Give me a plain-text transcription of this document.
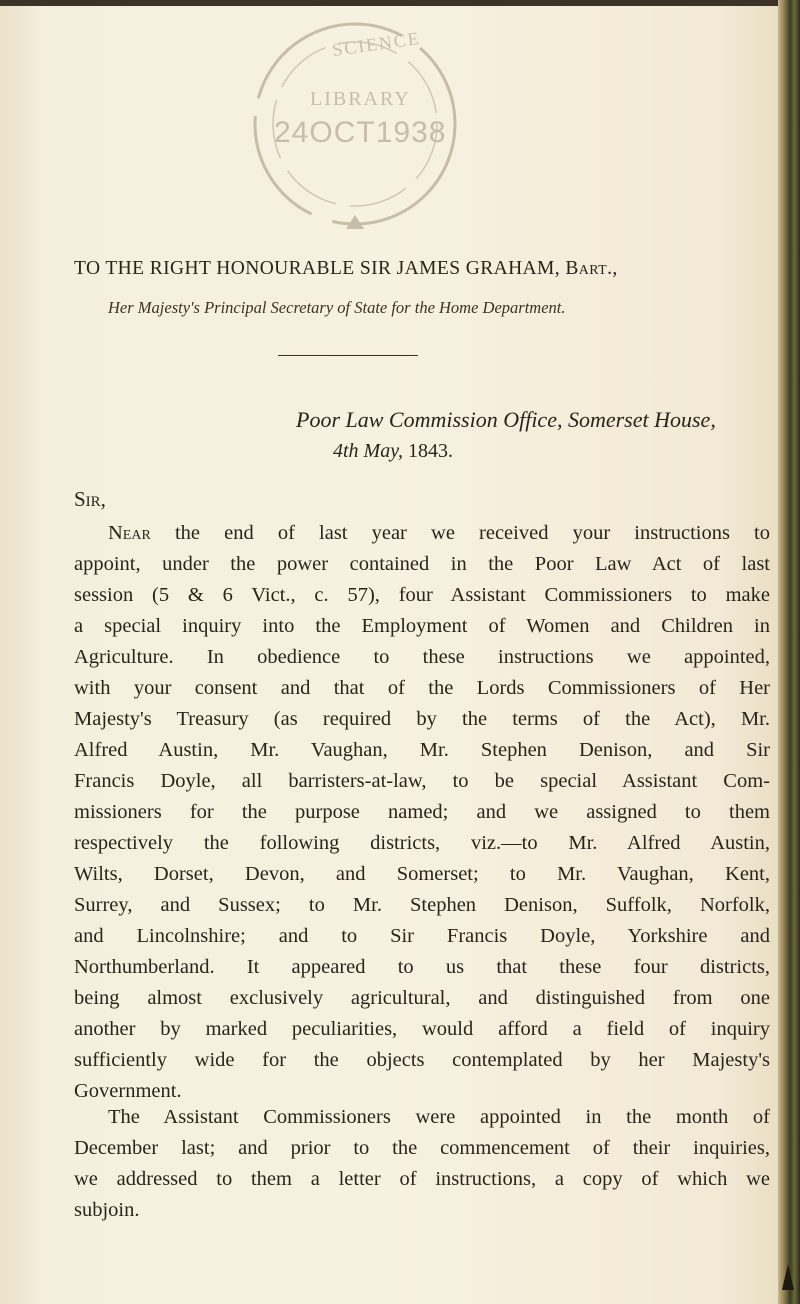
SCIENCE
LIBRARY
24OCT1938
TO THE RIGHT HONOURABLE SIR JAMES GRAHAM, Bart.,
Her Majesty's Principal Secretary of State for the Home Department.
Poor Law Commission Office, Somerset House,
4th May, 1843.
Sir,
Near the end of last year we received your instructions to
appoint, under the power contained in the Poor Law Act of last
session (5 & 6 Vict., c. 57), four Assistant Commissioners to make
a special inquiry into the Employment of Women and Children in
Agriculture. In obedience to these instructions we appointed,
with your consent and that of the Lords Commissioners of Her
Majesty's Treasury (as required by the terms of the Act), Mr.
Alfred Austin, Mr. Vaughan, Mr. Stephen Denison, and Sir
Francis Doyle, all barristers-at-law, to be special Assistant Com-
missioners for the purpose named; and we assigned to them
respectively the following districts, viz.—to Mr. Alfred Austin,
Wilts, Dorset, Devon, and Somerset; to Mr. Vaughan, Kent,
Surrey, and Sussex; to Mr. Stephen Denison, Suffolk, Norfolk,
and Lincolnshire; and to Sir Francis Doyle, Yorkshire and
Northumberland. It appeared to us that these four districts,
being almost exclusively agricultural, and distinguished from one
another by marked peculiarities, would afford a field of inquiry
sufficiently wide for the objects contemplated by her Majesty's
Government.
The Assistant Commissioners were appointed in the month of
December last; and prior to the commencement of their inquiries,
we addressed to them a letter of instructions, a copy of which we
subjoin.
